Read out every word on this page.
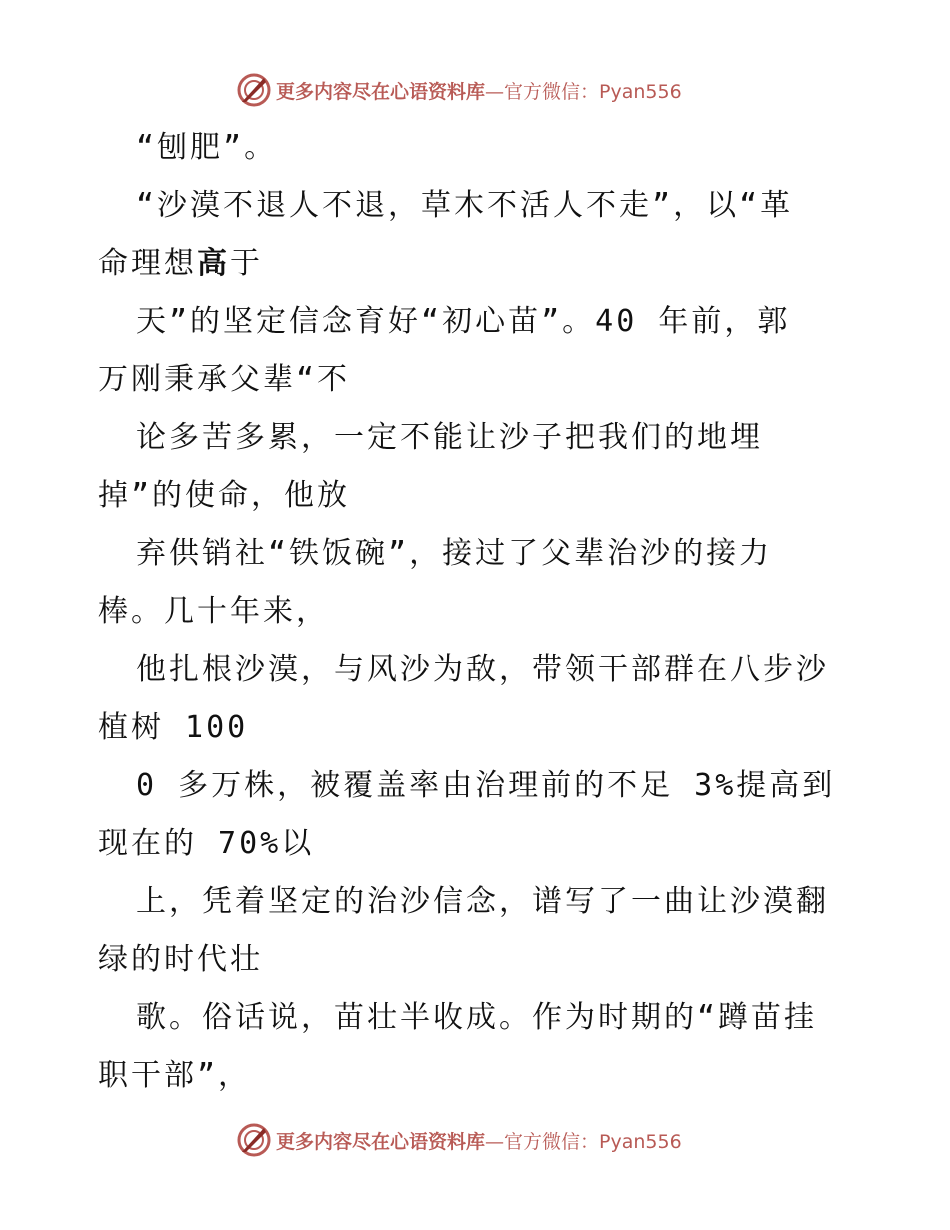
更多内容尽在心语资料库—官方微信：Pyan556
“刨肥”。
“沙漠不退人不退，草木不活人不走”，以“革
命理想高于
天”的坚定信念育好“初心苗”。40 年前，郭
万刚秉承父辈“不
论多苦多累，一定不能让沙子把我们的地埋
掉”的使命，他放
弃供销社“铁饭碗”，接过了父辈治沙的接力
棒。几十年来，
他扎根沙漠，与风沙为敌，带领干部群在八步沙
植树 100
0 多万株，被覆盖率由治理前的不足 3%提高到
现在的 70%以
上，凭着坚定的治沙信念，谱写了一曲让沙漠翻
绿的时代壮
歌。俗话说，苗壮半收成。作为时期的“蹲苗挂
职干部”，
更多内容尽在心语资料库—官方微信：Pyan556
